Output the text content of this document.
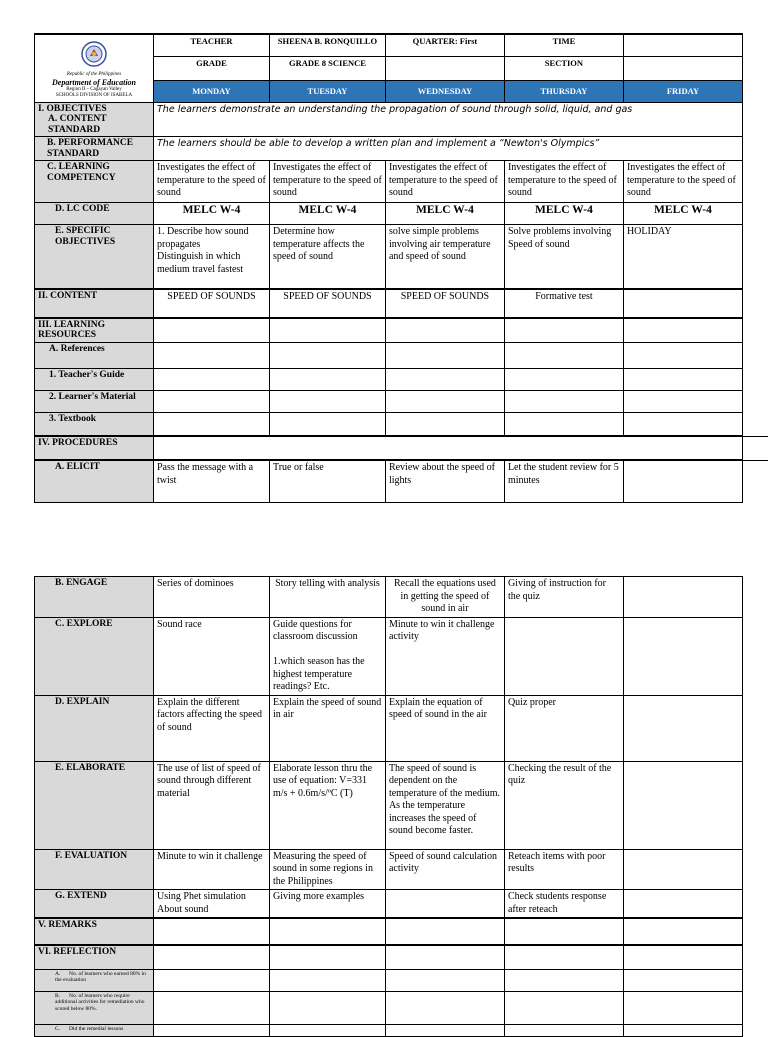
Republic of the Philippines
Department of Education
Region II – Cagayan Valley
SCHOOLS DIVISION OF ISABELA	TEACHER	SHEENA B. RONQUILLO	QUARTER: First	TIME	
	GRADE	GRADE 8 SCIENCE		SECTION	
	MONDAY	TUESDAY	WEDNESDAY	THURSDAY	FRIDAY

I. OBJECTIVES
A. CONTENT STANDARD	The learners demonstrate an understanding the propagation of sound through solid, liquid, and gas				
B. PERFORMANCE STANDARD	The learners should be able to develop a written plan and implement a “Newton's Olympics”				
C. LEARNING COMPETENCY	Investigates the effect of temperature to the speed of sound	Investigates the effect of temperature to the speed of sound	Investigates the effect of temperature to the speed of sound	Investigates the effect of temperature to the speed of sound	Investigates the effect of temperature to the speed of sound
D. LC CODE	MELC W-4	MELC W-4	MELC W-4	MELC W-4	MELC W-4
E. SPECIFIC OBJECTIVES	1. Describe how sound propagates
Distinguish in which medium travel fastest	Determine how temperature affects the speed of sound	solve simple problems involving air temperature and speed of sound	Solve problems involving Speed of sound	HOLIDAY
II. CONTENT	SPEED OF SOUNDS	SPEED OF SOUNDS	SPEED OF SOUNDS	Formative test	
III. LEARNING RESOURCES					
A. References					
1. Teacher's Guide					
2. Learner's Material					
3. Textbook					
IV. PROCEDURES					
A. ELICIT	Pass the message with a twist	True or false	Review about the speed of lights	Let the student review for 5 minutes	
B. ENGAGE	Series of dominoes	Story telling with analysis	Recall the equations used in getting the speed of sound in air	Giving of instruction for the quiz	
C. EXPLORE	Sound race	Guide questions for classroom discussion

1.which season has the highest temperature readings? Etc.	Minute to win it challenge activity		
D. EXPLAIN	Explain the different factors affecting the speed of sound	Explain the speed of sound in air	Explain the equation of speed of sound in the air	Quiz proper	
E. ELABORATE	The use of list of speed of sound through different material	Elaborate lesson thru the use of equation: V=331 m/s + 0.6m/s/ºC (T)	The speed of sound is dependent on the temperature of the medium. As the temperature increases the speed of sound become faster.	Checking the result of the quiz	
F. EVALUATION	Minute to win it challenge	Measuring the speed of sound in some regions in the Philippines	Speed of sound calculation activity	Reteach items with poor results	
G. EXTEND	Using Phet simulation About sound	Giving more examples		Check students response after reteach	
V. REMARKS					
VI. REFLECTION					
A. No. of learners who earned 80% in the evaluation					
B. No. of learners who require additional activities for remediation who scored below 80%.					
C. Did the remedial lessons					
